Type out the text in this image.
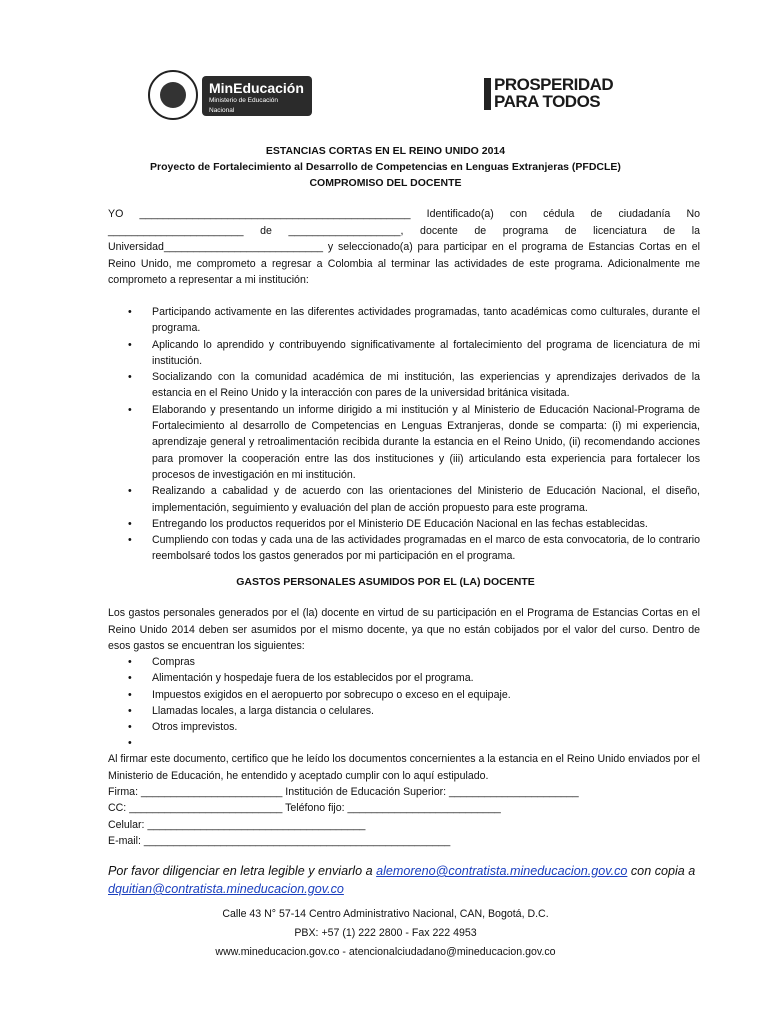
MinEducación
Ministerio de Educación Nacional
PROSPERIDAD
PARA TODOS
ESTANCIAS CORTAS EN EL REINO UNIDO 2014
Proyecto de Fortalecimiento al Desarrollo de Competencias en Lenguas Extranjeras (PFDCLE)
COMPROMISO DEL DOCENTE
YO ______________________________________________ Identificado(a) con cédula de ciudadanía No _______________________ de ___________________, docente de programa de licenciatura de la Universidad___________________________ y seleccionado(a) para participar en el programa de Estancias Cortas en el Reino Unido, me comprometo a regresar a Colombia al terminar las actividades de este programa. Adicionalmente me comprometo a representar a mi institución:
• Participando activamente en las diferentes actividades programadas, tanto académicas como culturales, durante el programa.
• Aplicando lo aprendido y contribuyendo significativamente al fortalecimiento del programa de licenciatura de mi institución.
• Socializando con la comunidad académica de mi institución, las experiencias y aprendizajes derivados de la estancia en el Reino Unido y la interacción con pares de la universidad británica visitada.
• Elaborando y presentando un informe dirigido a mi institución y al Ministerio de Educación Nacional-Programa de Fortalecimiento al desarrollo de Competencias en Lenguas Extranjeras, donde se comparta: (i) mi experiencia, aprendizaje general y retroalimentación recibida durante la estancia en el Reino Unido, (ii) recomendando acciones para promover la cooperación entre las dos instituciones y (iii) articulando esta experiencia para fortalecer los procesos de investigación en mi institución.
• Realizando a cabalidad y de acuerdo con las orientaciones del Ministerio de Educación Nacional, el diseño, implementación, seguimiento y evaluación del plan de acción propuesto para este programa.
• Entregando los productos requeridos por el Ministerio DE Educación Nacional en las fechas establecidas.
• Cumpliendo con todas y cada una de las actividades programadas en el marco de esta convocatoria, de lo contrario reembolsaré todos los gastos generados por mi participación en el programa.
GASTOS PERSONALES ASUMIDOS POR EL (LA) DOCENTE
Los gastos personales generados por el (la) docente en virtud de su participación en el Programa de Estancias Cortas en el Reino Unido 2014 deben ser asumidos por el mismo docente, ya que no están cobijados por el valor del curso. Dentro de esos gastos se encuentran los siguientes:
• Compras
• Alimentación y hospedaje fuera de los establecidos por el programa.
• Impuestos exigidos en el aeropuerto por sobrecupo o exceso en el equipaje.
• Llamadas locales, a larga distancia o celulares.
• Otros imprevistos.
•
Al firmar este documento, certifico que he leído los documentos concernientes a la estancia en el Reino Unido enviados por el Ministerio de Educación, he entendido y aceptado cumplir con lo aquí estipulado.
Firma: ________________________ Institución de Educación Superior: ______________________
CC: __________________________ Teléfono fijo: __________________________
Celular: _____________________________________
E-mail: ____________________________________________________
Por favor diligenciar en letra legible y enviarlo a alemoreno@contratista.mineducacion.gov.co con copia a dquitian@contratista.mineducacion.gov.co
Calle 43 N° 57-14 Centro Administrativo Nacional, CAN, Bogotá, D.C.
PBX: +57 (1) 222 2800 - Fax 222 4953
www.mineducacion.gov.co - atencionalciudadano@mineducacion.gov.co
